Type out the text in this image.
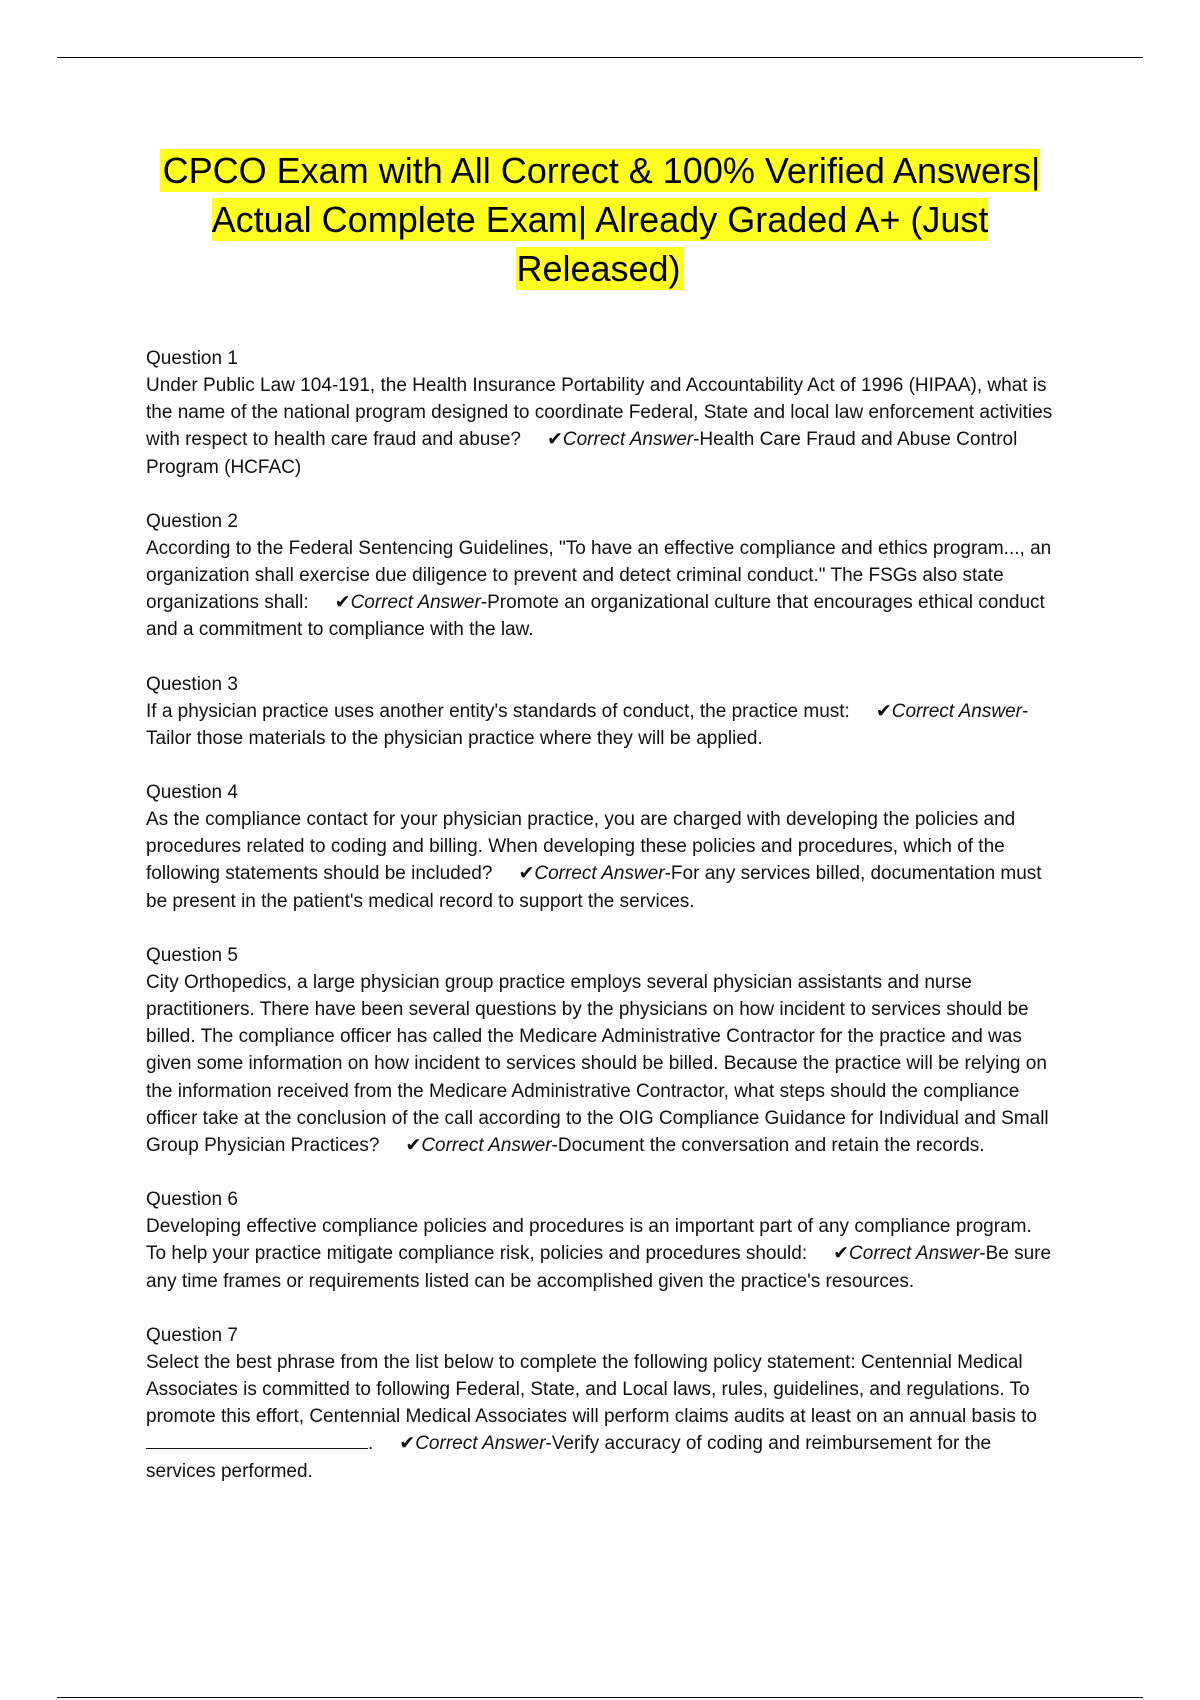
CPCO Exam with All Correct & 100% Verified Answers| Actual Complete Exam| Already Graded A+ (Just Released)
Question 1
Under Public Law 104-191, the Health Insurance Portability and Accountability Act of 1996 (HIPAA), what is the name of the national program designed to coordinate Federal, State and local law enforcement activities with respect to health care fraud and abuse? ✔Correct Answer-Health Care Fraud and Abuse Control Program (HCFAC)
Question 2
According to the Federal Sentencing Guidelines, "To have an effective compliance and ethics program..., an organization shall exercise due diligence to prevent and detect criminal conduct." The FSGs also state organizations shall: ✔Correct Answer-Promote an organizational culture that encourages ethical conduct and a commitment to compliance with the law.
Question 3
If a physician practice uses another entity's standards of conduct, the practice must: ✔Correct Answer-Tailor those materials to the physician practice where they will be applied.
Question 4
As the compliance contact for your physician practice, you are charged with developing the policies and procedures related to coding and billing. When developing these policies and procedures, which of the following statements should be included? ✔Correct Answer-For any services billed, documentation must be present in the patient's medical record to support the services.
Question 5
City Orthopedics, a large physician group practice employs several physician assistants and nurse practitioners. There have been several questions by the physicians on how incident to services should be billed. The compliance officer has called the Medicare Administrative Contractor for the practice and was given some information on how incident to services should be billed. Because the practice will be relying on the information received from the Medicare Administrative Contractor, what steps should the compliance officer take at the conclusion of the call according to the OIG Compliance Guidance for Individual and Small Group Physician Practices? ✔Correct Answer-Document the conversation and retain the records.
Question 6
Developing effective compliance policies and procedures is an important part of any compliance program. To help your practice mitigate compliance risk, policies and procedures should: ✔Correct Answer-Be sure any time frames or requirements listed can be accomplished given the practice's resources.
Question 7
Select the best phrase from the list below to complete the following policy statement: Centennial Medical Associates is committed to following Federal, State, and Local laws, rules, guidelines, and regulations. To promote this effort, Centennial Medical Associates will perform claims audits at least on an annual basis to . ✔Correct Answer-Verify accuracy of coding and reimbursement for the services performed.
